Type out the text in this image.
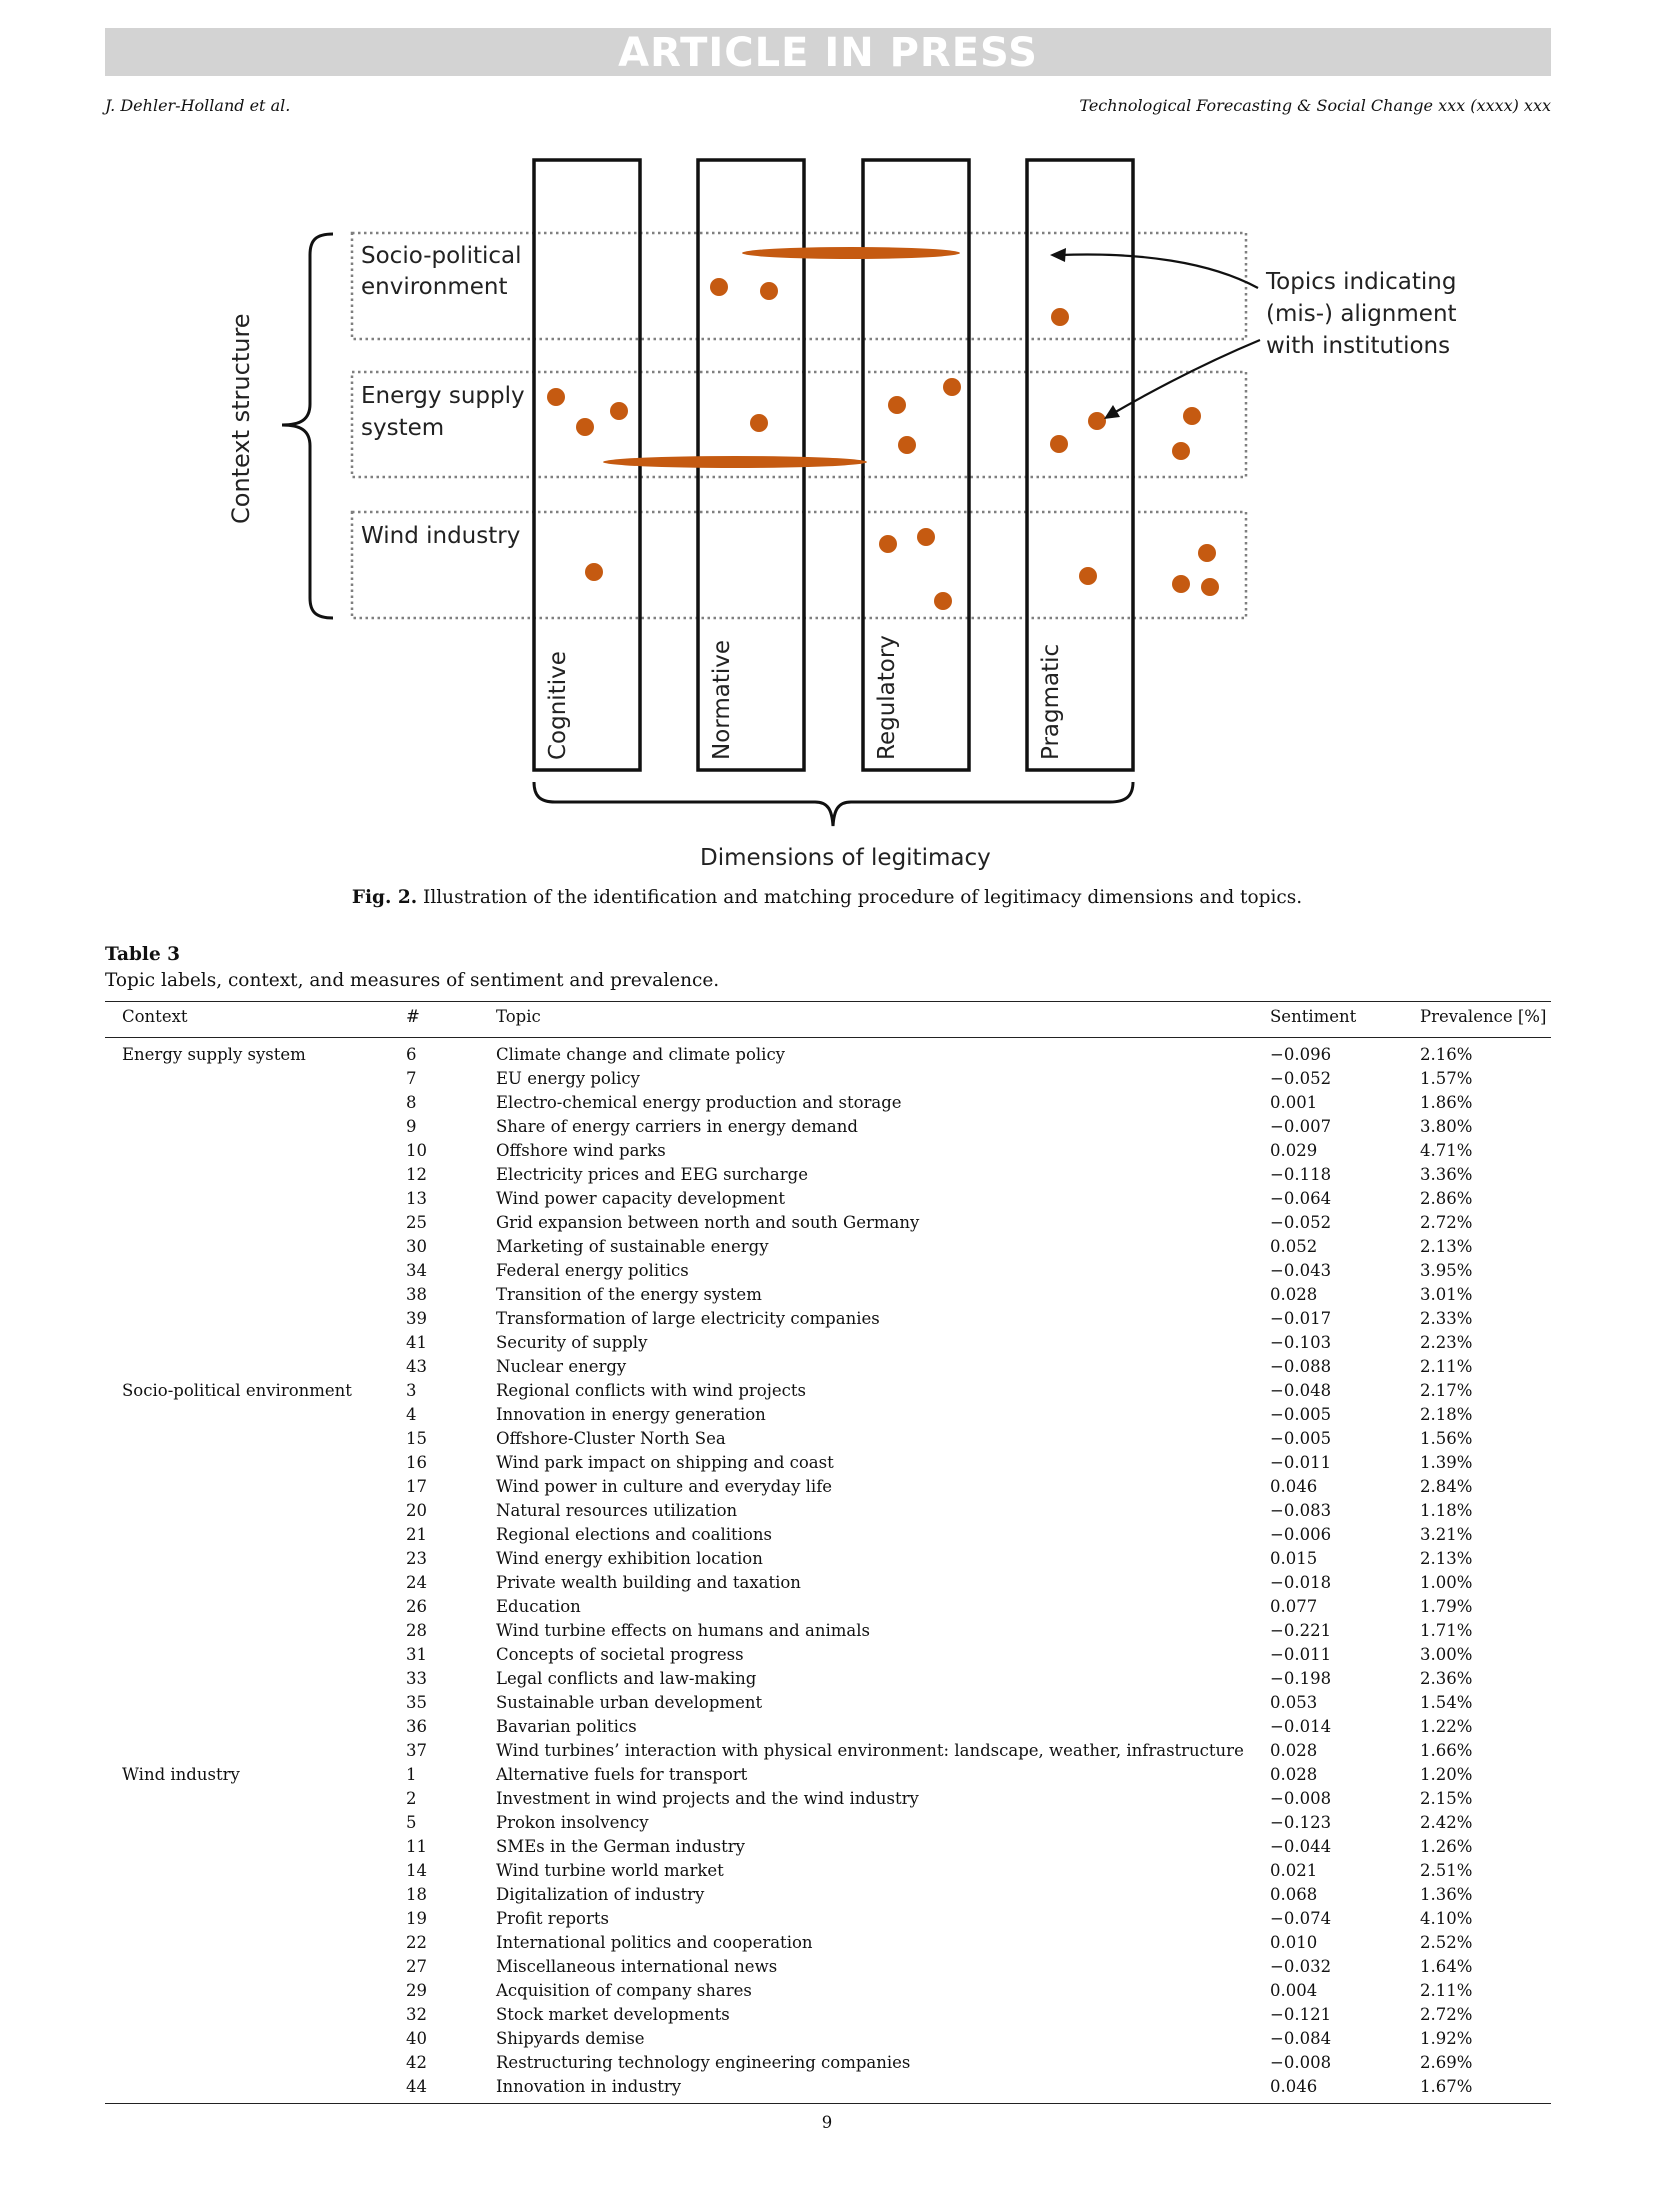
ARTICLE IN PRESS
J. Dehler-Holland et al.	Technological Forecasting & Social Change xxx (xxxx) xxx
Socio-political
environment
Energy supply
system
Wind industry
Cognitive	Normative	Regulatory	Pragmatic
Context structure
Dimensions of legitimacy
Topics indicating
(mis-) alignment
with institutions
Fig. 2. Illustration of the identification and matching procedure of legitimacy dimensions and topics.
Table 3
Topic labels, context, and measures of sentiment and prevalence.
Context	#	Topic	Sentiment	Prevalence [%]
Energy supply system	6	Climate change and climate policy	−0.096	2.16%
7	EU energy policy	−0.052	1.57%
8	Electro-chemical energy production and storage	0.001	1.86%
9	Share of energy carriers in energy demand	−0.007	3.80%
10	Offshore wind parks	0.029	4.71%
12	Electricity prices and EEG surcharge	−0.118	3.36%
13	Wind power capacity development	−0.064	2.86%
25	Grid expansion between north and south Germany	−0.052	2.72%
30	Marketing of sustainable energy	0.052	2.13%
34	Federal energy politics	−0.043	3.95%
38	Transition of the energy system	0.028	3.01%
39	Transformation of large electricity companies	−0.017	2.33%
41	Security of supply	−0.103	2.23%
43	Nuclear energy	−0.088	2.11%
Socio-political environment	3	Regional conflicts with wind projects	−0.048	2.17%
4	Innovation in energy generation	−0.005	2.18%
15	Offshore-Cluster North Sea	−0.005	1.56%
16	Wind park impact on shipping and coast	−0.011	1.39%
17	Wind power in culture and everyday life	0.046	2.84%
20	Natural resources utilization	−0.083	1.18%
21	Regional elections and coalitions	−0.006	3.21%
23	Wind energy exhibition location	0.015	2.13%
24	Private wealth building and taxation	−0.018	1.00%
26	Education	0.077	1.79%
28	Wind turbine effects on humans and animals	−0.221	1.71%
31	Concepts of societal progress	−0.011	3.00%
33	Legal conflicts and law-making	−0.198	2.36%
35	Sustainable urban development	0.053	1.54%
36	Bavarian politics	−0.014	1.22%
37	Wind turbines’ interaction with physical environment: landscape, weather, infrastructure 0.028	1.66%
Wind industry	1	Alternative fuels for transport	0.028	1.20%
2	Investment in wind projects and the wind industry	−0.008	2.15%
5	Prokon insolvency	−0.123	2.42%
11	SMEs in the German industry	−0.044	1.26%
14	Wind turbine world market	0.021	2.51%
18	Digitalization of industry	0.068	1.36%
19	Profit reports	−0.074	4.10%
22	International politics and cooperation	0.010	2.52%
27	Miscellaneous international news	−0.032	1.64%
29	Acquisition of company shares	0.004	2.11%
32	Stock market developments	−0.121	2.72%
40	Shipyards demise	−0.084	1.92%
42	Restructuring technology engineering companies	−0.008	2.69%
44	Innovation in industry	0.046	1.67%
9
